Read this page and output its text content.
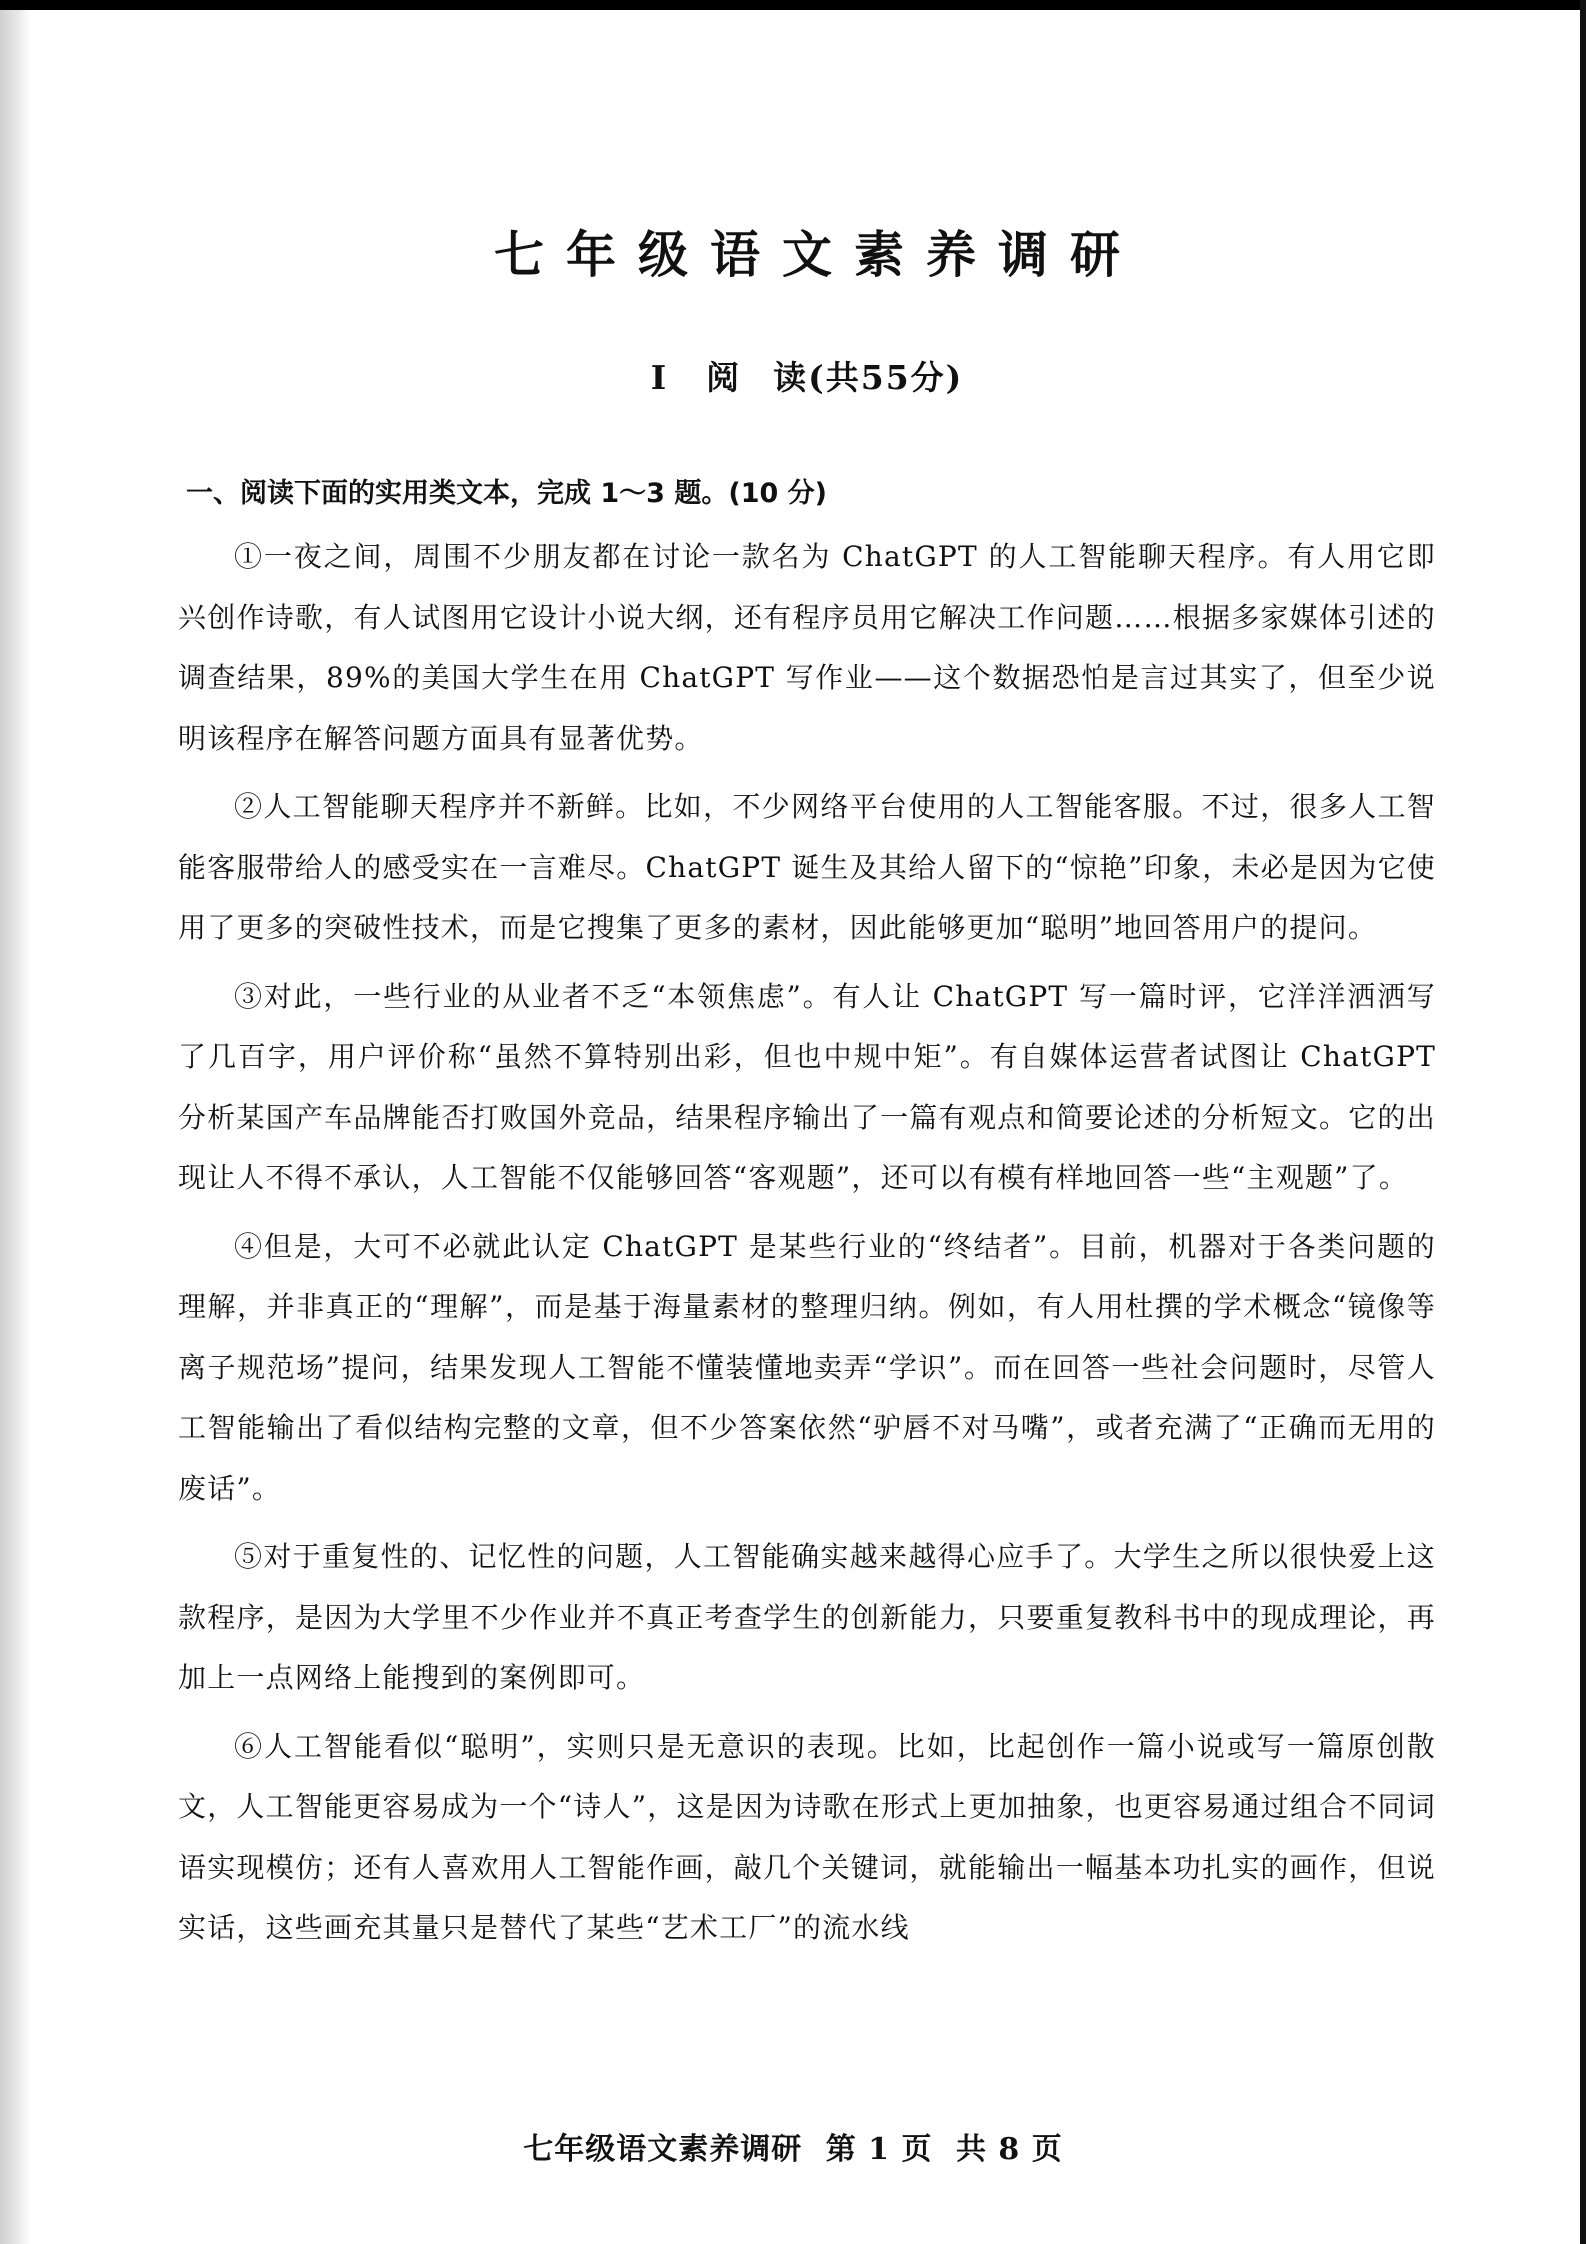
七年级语文素养调研
I 阅 读(共55分)
一、阅读下面的实用类文本，完成 1～3 题。(10 分)

①一夜之间，周围不少朋友都在讨论一款名为 ChatGPT 的人工智能聊天程序。有人用它即兴创作诗歌，有人试图用它设计小说大纲，还有程序员用它解决工作问题……根据多家媒体引述的调查结果，89%的美国大学生在用 ChatGPT 写作业——这个数据恐怕是言过其实了，但至少说明该程序在解答问题方面具有显著优势。

②人工智能聊天程序并不新鲜。比如，不少网络平台使用的人工智能客服。不过，很多人工智能客服带给人的感受实在一言难尽。ChatGPT 诞生及其给人留下的“惊艳”印象，未必是因为它使用了更多的突破性技术，而是它搜集了更多的素材，因此能够更加“聪明”地回答用户的提问。

③对此，一些行业的从业者不乏“本领焦虑”。有人让 ChatGPT 写一篇时评，它洋洋洒洒写了几百字，用户评价称“虽然不算特别出彩，但也中规中矩”。有自媒体运营者试图让 ChatGPT 分析某国产车品牌能否打败国外竞品，结果程序输出了一篇有观点和简要论述的分析短文。它的出现让人不得不承认，人工智能不仅能够回答“客观题”，还可以有模有样地回答一些“主观题”了。

④但是，大可不必就此认定 ChatGPT 是某些行业的“终结者”。目前，机器对于各类问题的理解，并非真正的“理解”，而是基于海量素材的整理归纳。例如，有人用杜撰的学术概念“镜像等离子规范场”提问，结果发现人工智能不懂装懂地卖弄“学识”。而在回答一些社会问题时，尽管人工智能输出了看似结构完整的文章，但不少答案依然“驴唇不对马嘴”，或者充满了“正确而无用的废话”。

⑤对于重复性的、记忆性的问题，人工智能确实越来越得心应手了。大学生之所以很快爱上这款程序，是因为大学里不少作业并不真正考查学生的创新能力，只要重复教科书中的现成理论，再加上一点网络上能搜到的案例即可。

⑥人工智能看似“聪明”，实则只是无意识的表现。比如，比起创作一篇小说或写一篇原创散文，人工智能更容易成为一个“诗人”，这是因为诗歌在形式上更加抽象，也更容易通过组合不同词语实现模仿；还有人喜欢用人工智能作画，敲几个关键词，就能输出一幅基本功扎实的画作，但说实话，这些画充其量只是替代了某些“艺术工厂”的流水线

七年级语文素养调研 第 1 页 共 8 页
